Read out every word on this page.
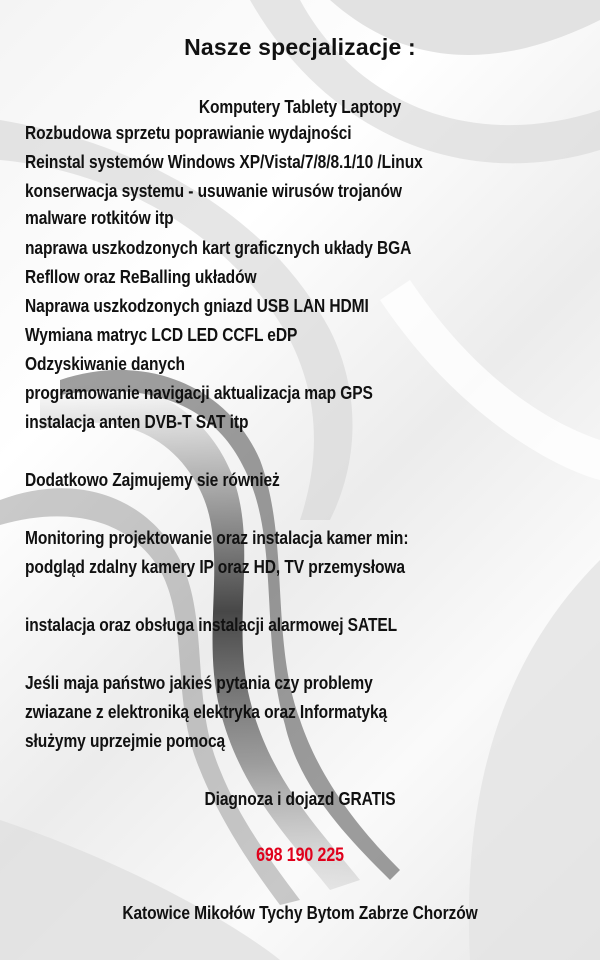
Nasze specjalizacje :
Komputery Tablety Laptopy
Rozbudowa sprzetu poprawianie wydajności
Reinstal systemów Windows XP/Vista/7/8/8.1/10 /Linux
konserwacja systemu - usuwanie wirusów trojanów
malware rotkitów itp
naprawa uszkodzonych kart graficznych układy BGA
Refllow oraz ReBalling układów
Naprawa uszkodzonych gniazd USB LAN HDMI
Wymiana matryc LCD LED CCFL eDP
Odzyskiwanie danych
programowanie navigacji aktualizacja map GPS
instalacja anten DVB-T SAT itp
Dodatkowo Zajmujemy sie również
Monitoring projektowanie oraz instalacja kamer min:
podgląd zdalny kamery IP oraz HD, TV przemysłowa
instalacja oraz obsługa instalacji alarmowej SATEL
Jeśli maja państwo jakieś pytania czy problemy
zwiazane z elektroniką elektryka oraz Informatyką
służymy uprzejmie pomocą
Diagnoza i dojazd GRATIS
698 190 225
Katowice Mikołów Tychy Bytom Zabrze Chorzów
